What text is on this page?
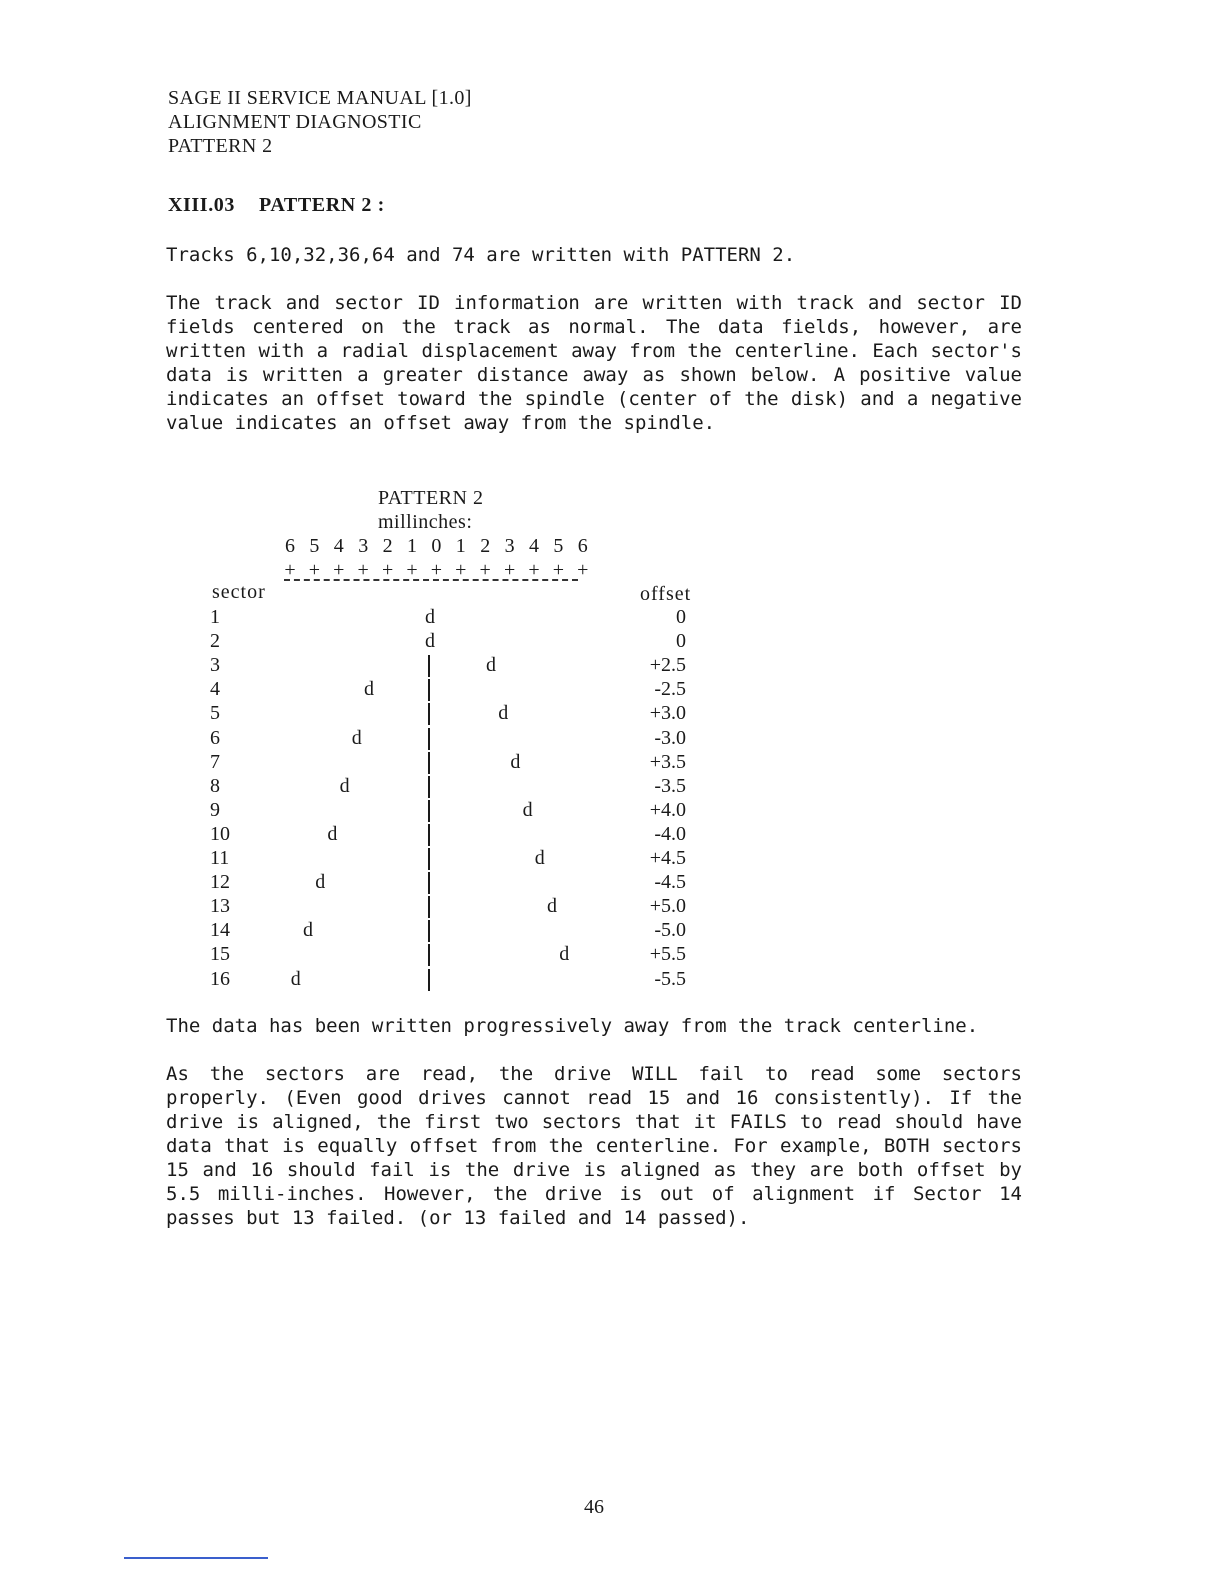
SAGE II SERVICE MANUAL [1.0]
ALIGNMENT DIAGNOSTIC
PATTERN 2
XIII.03 PATTERN 2 :

Tracks 6,10,32,36,64 and 74 are written with PATTERN 2.

The track and sector ID information are written with track and sector ID fields centered on the track as normal. The data fields, however, are written with a radial displacement away from the centerline. Each sector's data is written a greater distance away as shown below. A positive value indicates an offset toward the spindle (center of the disk) and a negative value indicates an offset away from the spindle.

PATTERN 2
millinches:
6
+
5
+
4
+
3
+
2
+
1
+
0
+
1
+
2
+
3
+
4
+
5
+
6
+
sector	offset
1	d	0
2	d	0
3	d	+2.5
4	d	-2.5
5	d	+3.0
6	d	-3.0
7	d	+3.5
8	d	-3.5
9	d	+4.0
10	d	-4.0
11	d	+4.5
12	d	-4.5
13	d	+5.0
14	d	-5.0
15	d	+5.5
16	d	-5.5

The data has been written progressively away from the track centerline.

As the sectors are read, the drive WILL fail to read some sectors properly. (Even good drives cannot read 15 and 16 consistently). If the drive is aligned, the first two sectors that it FAILS to read should have data that is equally offset from the centerline. For example, BOTH sectors 15 and 16 should fail is the drive is aligned as they are both offset by 5.5 milli-inches. However, the drive is out of alignment if Sector 14 passes but 13 failed. (or 13 failed and 14 passed).

46
